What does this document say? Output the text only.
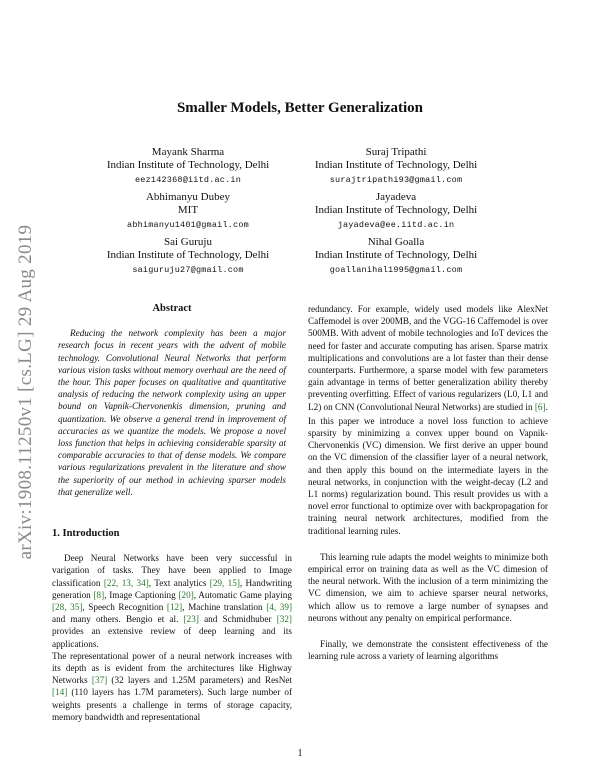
arXiv:1908.11250v1 [cs.LG] 29 Aug 2019
Smaller Models, Better Generalization
Mayank Sharma
Indian Institute of Technology, Delhi
eez142368@iitd.ac.in
Suraj Tripathi
Indian Institute of Technology, Delhi
surajtripathi93@gmail.com
Abhimanyu Dubey
MIT
abhimanyu1401@gmail.com
Jayadeva
Indian Institute of Technology, Delhi
jayadeva@ee.iitd.ac.in
Sai Guruju
Indian Institute of Technology, Delhi
saiguruju27@gmail.com
Nihal Goalla
Indian Institute of Technology, Delhi
goallanihal1995@gmail.com
Abstract

Reducing the network complexity has been a major research focus in recent years with the advent of mobile technology. Convolutional Neural Networks that perform various vision tasks without memory overhaul are the need of the hour. This paper focuses on qualitative and quantitative analysis of reducing the network complexity using an upper bound on Vapnik-Chervonenkis dimension, pruning and quantization. We observe a general trend in improvement of accuracies as we quantize the models. We propose a novel loss function that helps in achieving considerable sparsity at comparable accuracies to that of dense models. We compare various regularizations prevalent in the literature and show the superiority of our method in achieving sparser models that generalize well.

1. Introduction

Deep Neural Networks have been very successful in varigation of tasks. They have been applied to Image classification [22, 13, 34], Text analytics [29, 15], Handwriting generation [8], Image Captioning [20], Automatic Game playing [28, 35], Speech Recognition [12], Machine translation [4, 39] and many others. Bengio et al. [23] and Schmidhuber [32] provides an extensive review of deep learning and its applications.

The representational power of a neural network increases with its depth as is evident from the architectures like Highway Networks [37] (32 layers and 1.25M parameters) and ResNet [14] (110 layers has 1.7M parameters). Such large number of weights presents a challenge in terms of storage capacity, memory bandwidth and representational

redundancy. For example, widely used models like AlexNet Caffemodel is over 200MB, and the VGG-16 Caffemodel is over 500MB. With advent of mobile technologies and IoT devices the need for faster and accurate computing has arisen. Sparse matrix multiplications and convolutions are a lot faster than their dense counterparts. Furthermore, a sparse model with few parameters gain advantage in terms of better generalization ability thereby preventing overfitting. Effect of various regularizers (L0, L1 and L2) on CNN (Convolutional Neural Networks) are studied in [6].

In this paper we introduce a novel loss function to achieve sparsity by minimizing a convex upper bound on Vapnik-Chervonenkis (VC) dimension. We first derive an upper bound on the VC dimension of the classifier layer of a neural network, and then apply this bound on the intermediate layers in the neural networks, in conjunction with the weight-decay (L2 and L1 norms) regularization bound. This result provides us with a novel error functional to optimize over with backpropagation for training neural network architectures, modified from the traditional learning rules.

This learning rule adapts the model weights to minimize both empirical error on training data as well as the VC dimesion of the neural network. With the inclusion of a term minimizing the VC dimension, we aim to achieve sparser neural networks, which allow us to remove a large number of synapses and neurons without any penalty on empirical performance.

Finally, we demonstrate the consistent effectiveness of the learning rule across a variety of learning algorithms

1
